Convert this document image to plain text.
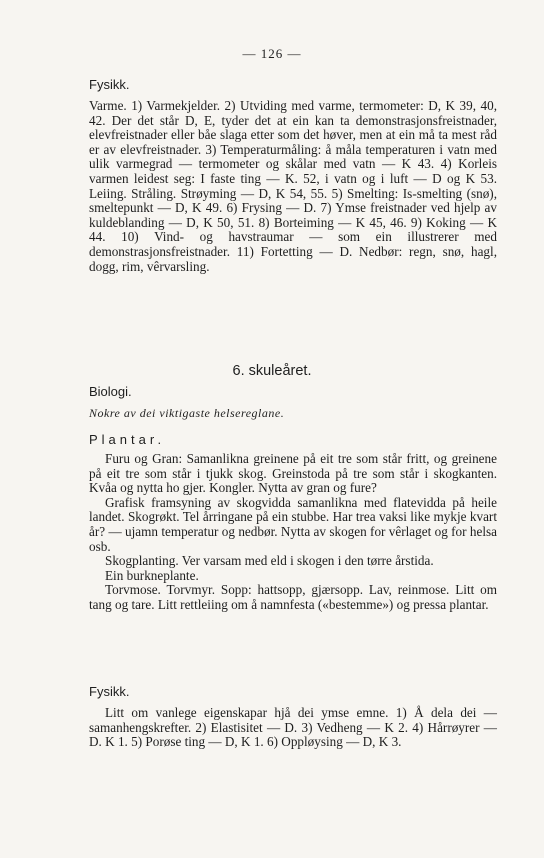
— 126 —
Fysikk.

Varme. 1) Varmekjelder. 2) Utviding med varme, termometer: D, K 39, 40, 42. Der det står D, E, tyder det at ein kan ta demonstrasjonsfreistnader, elevfreistnader eller båe slaga etter som det høver, men at ein må ta mest råd er av elevfreistnader. 3) Temperaturmåling: å måla temperaturen i vatn med ulik varmegrad — termometer og skålar med vatn — K 43. 4) Korleis varmen leidest seg: I faste ting — K. 52, i vatn og i luft — D og K 53. Leiing. Stråling. Strøyming — D, K 54, 55. 5) Smelting: Is-smelting (snø), smeltepunkt — D, K 49. 6) Frysing — D. 7) Ymse freistnader ved hjelp av kuldeblanding — D, K 50, 51. 8) Borteiming — K 45, 46. 9) Koking — K 44. 10) Vind- og havstraumar — som ein illustrerer med demonstrasjonsfreistnader. 11) Fortetting — D. Nedbør: regn, snø, hagl, dogg, rim, vêrvarsling.

6. skuleåret.
Biologi.
Nokre av dei viktigaste helsereglane.
Plantar.

Furu og Gran: Samanlikna greinene på eit tre som står fritt, og greinene på eit tre som står i tjukk skog. Greinstoda på tre som står i skogkanten. Kvåa og nytta ho gjer. Kongler. Nytta av gran og fure?

Grafisk framsyning av skogvidda samanlikna med flatevidda på heile landet. Skogrøkt. Tel årringane på ein stubbe. Har trea vaksi like mykje kvart år? — ujamn temperatur og nedbør. Nytta av skogen for vêrlaget og for helsa osb.

Skogplanting. Ver varsam med eld i skogen i den tørre årstida.

Ein burkneplante.

Torvmose. Torvmyr. Sopp: hattsopp, gjærsopp. Lav, reinmose. Litt om tang og tare. Litt rettleiing om å namnfesta («bestemme») og pressa plantar.

Fysikk.

Litt om vanlege eigenskapar hjå dei ymse emne. 1) Å dela dei — samanhengskrefter. 2) Elastisitet — D. 3) Vedheng — K 2. 4) Hårrøyrer — D. K 1. 5) Porøse ting — D, K 1. 6) Oppløysing — D, K 3.
